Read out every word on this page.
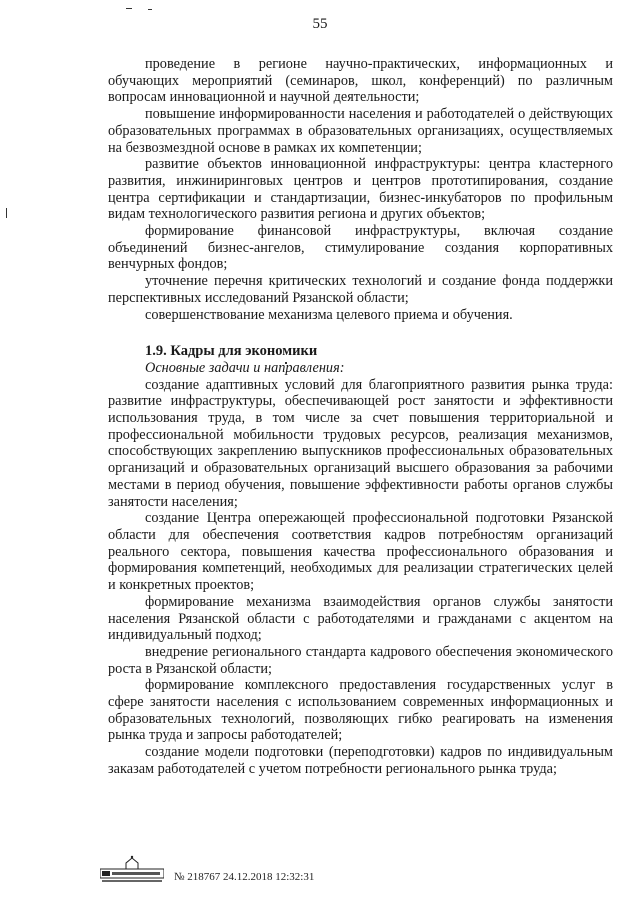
55

проведение в регионе научно-практических, информационных и обучающих мероприятий (семинаров, школ, конференций) по различным вопросам инновационной и научной деятельности;

повышение информированности населения и работодателей о действующих образовательных программах в образовательных организациях, осуществляемых на безвозмездной основе в рамках их компетенции;

развитие объектов инновационной инфраструктуры: центра кластерного развития, инжиниринговых центров и центров прототипирования, создание центра сертификации и стандартизации, бизнес-инкубаторов по профильным видам технологического развития региона и других объектов;

формирование финансовой инфраструктуры, включая создание объединений бизнес-ангелов, стимулирование создания корпоративных венчурных фондов;

уточнение перечня критических технологий и создание фонда поддержки перспективных исследований Рязанской области;

совершенствование механизма целевого приема и обучения.

1.9. Кадры для экономики

Основные задачи и направления:

создание адаптивных условий для благоприятного развития рынка труда: развитие инфраструктуры, обеспечивающей рост занятости и эффективности использования труда, в том числе за счет повышения территориальной и профессиональной мобильности трудовых ресурсов, реализация механизмов, способствующих закреплению выпускников профессиональных образовательных организаций и образовательных организаций высшего образования за рабочими местами в период обучения, повышение эффективности работы органов службы занятости населения;

создание Центра опережающей профессиональной подготовки Рязанской области для обеспечения соответствия кадров потребностям организаций реального сектора, повышения качества профессионального образования и формирования компетенций, необходимых для реализации стратегических целей и конкретных проектов;

формирование механизма взаимодействия органов службы занятости населения Рязанской области с работодателями и гражданами с акцентом на индивидуальный подход;

внедрение регионального стандарта кадрового обеспечения экономического роста в Рязанской области;

формирование комплексного предоставления государственных услуг в сфере занятости населения с использованием современных информационных и образовательных технологий, позволяющих гибко реагировать на изменения рынка труда и запросы работодателей;

создание модели подготовки (переподготовки) кадров по индивидуальным заказам работодателей с учетом потребности регионального рынка труда;

№ 218767 24.12.2018 12:32:31
